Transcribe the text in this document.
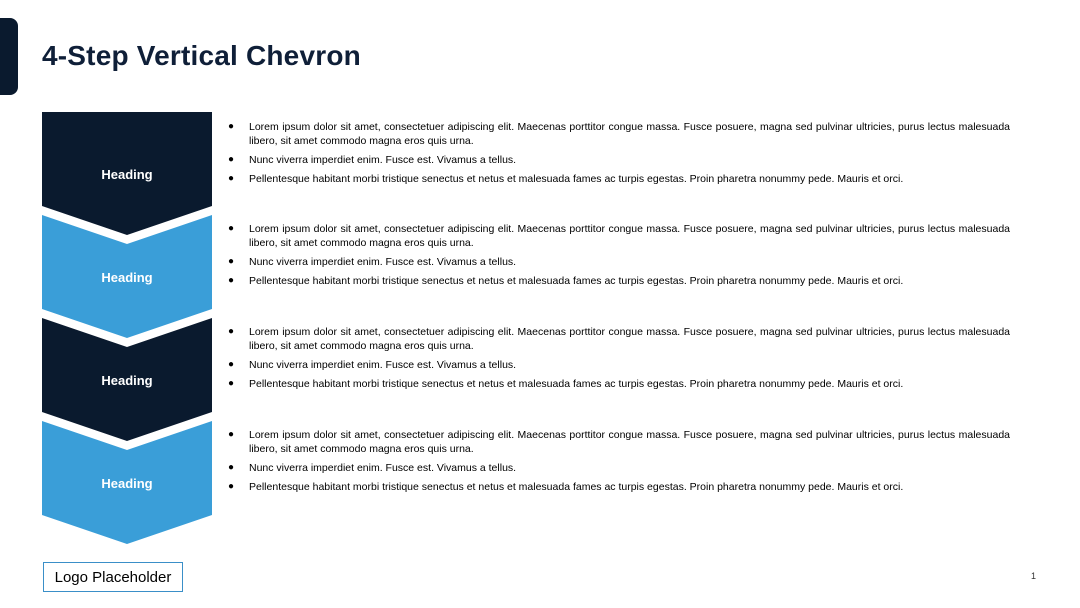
4-Step Vertical Chevron
Heading
Heading
Heading
Heading
● Lorem ipsum dolor sit amet, consectetuer adipiscing elit. Maecenas porttitor congue massa. Fusce posuere, magna sed pulvinar ultricies, purus lectus malesuada libero, sit amet commodo magna eros quis urna.
● Nunc viverra imperdiet enim. Fusce est. Vivamus a tellus.
● Pellentesque habitant morbi tristique senectus et netus et malesuada fames ac turpis egestas. Proin pharetra nonummy pede. Mauris et orci.
● Lorem ipsum dolor sit amet, consectetuer adipiscing elit. Maecenas porttitor congue massa. Fusce posuere, magna sed pulvinar ultricies, purus lectus malesuada libero, sit amet commodo magna eros quis urna.
● Nunc viverra imperdiet enim. Fusce est. Vivamus a tellus.
● Pellentesque habitant morbi tristique senectus et netus et malesuada fames ac turpis egestas. Proin pharetra nonummy pede. Mauris et orci.
● Lorem ipsum dolor sit amet, consectetuer adipiscing elit. Maecenas porttitor congue massa. Fusce posuere, magna sed pulvinar ultricies, purus lectus malesuada libero, sit amet commodo magna eros quis urna.
● Nunc viverra imperdiet enim. Fusce est. Vivamus a tellus.
● Pellentesque habitant morbi tristique senectus et netus et malesuada fames ac turpis egestas. Proin pharetra nonummy pede. Mauris et orci.
● Lorem ipsum dolor sit amet, consectetuer adipiscing elit. Maecenas porttitor congue massa. Fusce posuere, magna sed pulvinar ultricies, purus lectus malesuada libero, sit amet commodo magna eros quis urna.
● Nunc viverra imperdiet enim. Fusce est. Vivamus a tellus.
● Pellentesque habitant morbi tristique senectus et netus et malesuada fames ac turpis egestas. Proin pharetra nonummy pede. Mauris et orci.
Logo Placeholder	1
